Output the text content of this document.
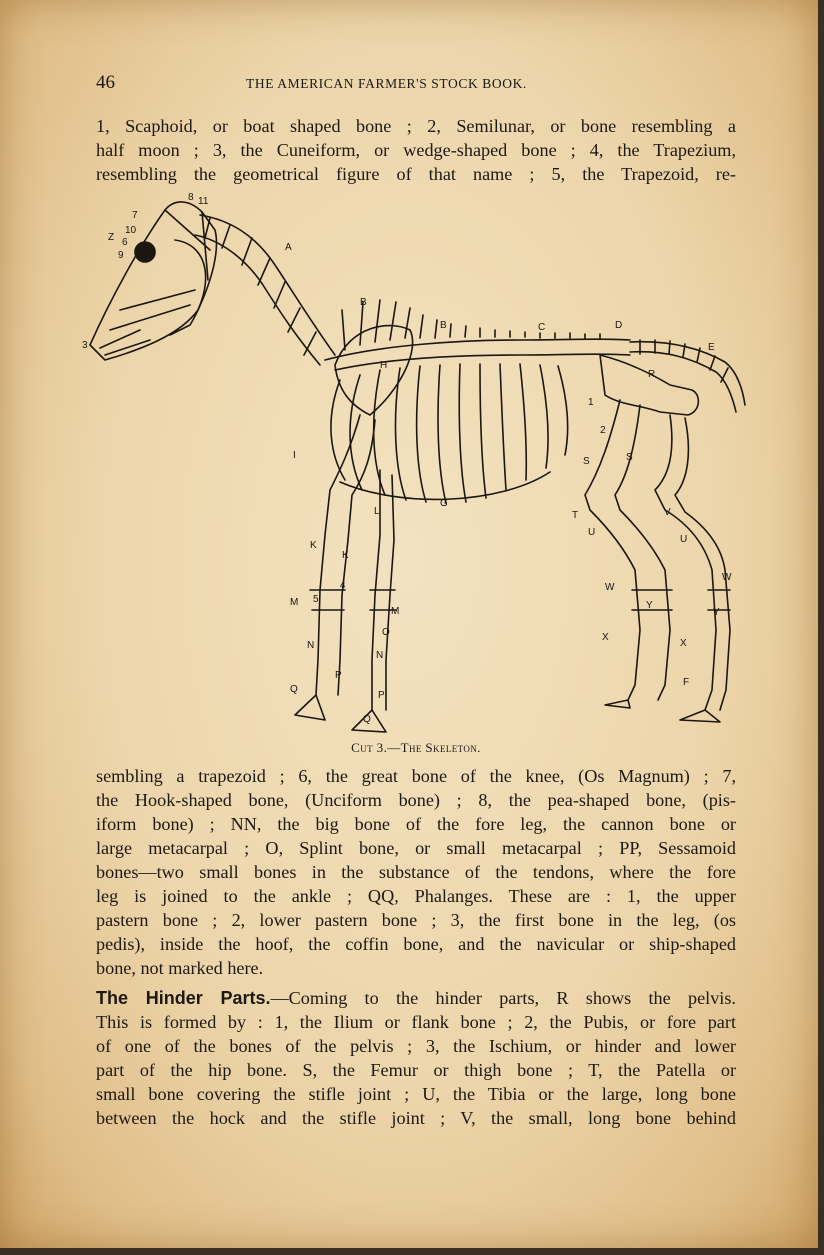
46	THE AMERICAN FARMER'S STOCK BOOK.

1, Scaphoid, or boat shaped bone ; 2, Semilunar, or bone resembling a
half moon ; 3, the Cuneiform, or wedge-shaped bone ; 4, the Trapezium,
resembling the geometrical figure of that name ; 5, the Trapezoid, re-

A
B
B	C	D
E
R
H
I
G
L
K
K
M
M
N
N
O
P
P
Q
Q
S	S
T
U
U
V
W
W
X
X
Y
Y
F
Z
8 11
10
9
7
6
4
5
3
2
1
Cut 3.—The Skeleton.

sembling a trapezoid ; 6, the great bone of the knee, (Os Magnum) ; 7,
the Hook-shaped bone, (Unciform bone) ; 8, the pea-shaped bone, (pis-
iform bone) ; NN, the big bone of the fore leg, the cannon bone or
large metacarpal ; O, Splint bone, or small metacarpal ; PP, Sessamoid
bones—two small bones in the substance of the tendons, where the fore
leg is joined to the ankle ; QQ, Phalanges. These are : 1, the upper
pastern bone ; 2, lower pastern bone ; 3, the first bone in the leg, (os
pedis), inside the hoof, the coffin bone, and the navicular or ship-shaped
bone, not marked here.

The Hinder Parts.—Coming to the hinder parts, R shows the pelvis.
This is formed by : 1, the Ilium or flank bone ; 2, the Pubis, or fore part
of one of the bones of the pelvis ; 3, the Ischium, or hinder and lower
part of the hip bone. S, the Femur or thigh bone ; T, the Patella or
small bone covering the stifle joint ; U, the Tibia or the large, long bone
between the hock and the stifle joint ; V, the small, long bone behind
